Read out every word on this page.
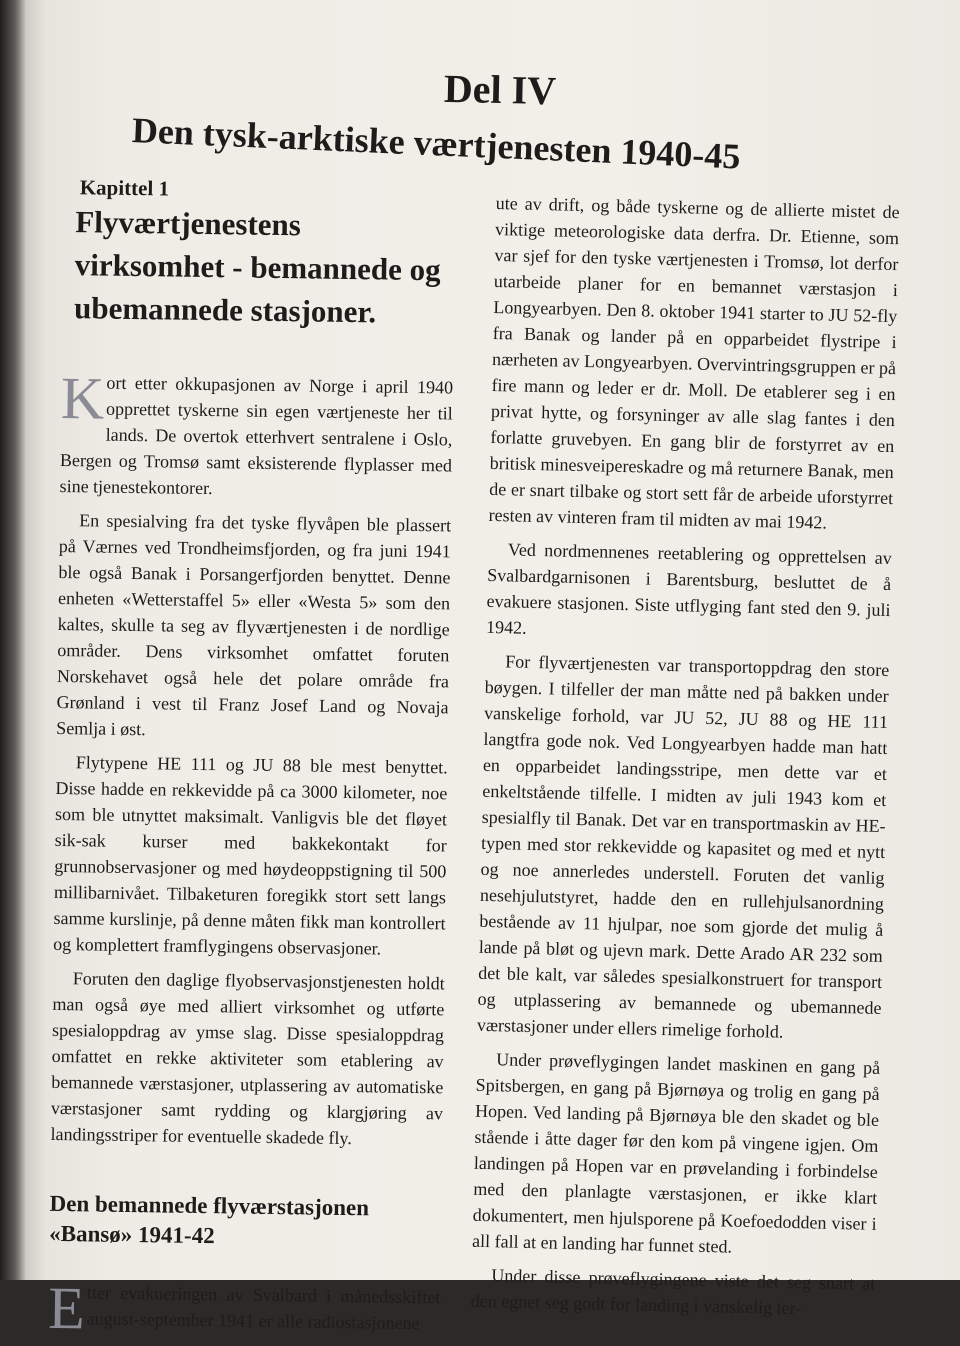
Del IV
Den tysk-arktiske værtjenesten 1940-45
Kapittel 1
Flyværtjenestens virksomhet - bemannede og ubemannede stasjoner.

Kort etter okkupasjonen av Norge i april 1940 opprettet tyskerne sin egen værtjeneste her til lands. De overtok etterhvert sentralene i Oslo, Bergen og Tromsø samt eksisterende flyplasser med sine tjenestekontorer.

En spesialving fra det tyske flyvåpen ble plassert på Værnes ved Trondheimsfjorden, og fra juni 1941 ble også Banak i Porsangerfjorden benyttet. Denne enheten «Wetterstaffel 5» eller «Westa 5» som den kaltes, skulle ta seg av flyværtjenesten i de nordlige områder. Dens virksomhet omfattet foruten Norskehavet også hele det polare område fra Grønland i vest til Franz Josef Land og Novaja Semlja i øst.

Flytypene HE 111 og JU 88 ble mest benyttet. Disse hadde en rekkevidde på ca 3000 kilometer, noe som ble utnyttet maksimalt. Vanligvis ble det fløyet sik-sak kurser med bakkekontakt for grunnobservasjoner og med høydeoppstigning til 500 millibarnivået. Tilbaketuren foregikk stort sett langs samme kurslinje, på denne måten fikk man kontrollert og komplettert framflygingens observasjoner.

Foruten den daglige flyobservasjonstjenesten holdt man også øye med alliert virksomhet og utførte spesialoppdrag av ymse slag. Disse spesialoppdrag omfattet en rekke aktiviteter som etablering av bemannede værstasjoner, utplassering av automatiske værstasjoner samt rydding og klargjøring av landingsstriper for eventuelle skadede fly.

Den bemannede flyværstasjonen «Bansø» 1941-42

Etter evakueringen av Svalbard i månedsskiftet august-september 1941 er alle radiostasjonene

ute av drift, og både tyskerne og de allierte mistet de viktige meteorologiske data derfra. Dr. Etienne, som var sjef for den tyske værtjenesten i Tromsø, lot derfor utarbeide planer for en bemannet værstasjon i Longyearbyen. Den 8. oktober 1941 starter to JU 52-fly fra Banak og lander på en opparbeidet flystripe i nærheten av Longyearbyen. Overvintringsgruppen er på fire mann og leder er dr. Moll. De etablerer seg i en privat hytte, og forsyninger av alle slag fantes i den forlatte gruvebyen. En gang blir de forstyrret av en britisk minesveipereskadre og må returnere Banak, men de er snart tilbake og stort sett får de arbeide uforstyrret resten av vinteren fram til midten av mai 1942.

Ved nordmennenes reetablering og opprettelsen av Svalbardgarnisonen i Barentsburg, besluttet de å evakuere stasjonen. Siste utflyging fant sted den 9. juli 1942.

For flyværtjenesten var transportoppdrag den store bøygen. I tilfeller der man måtte ned på bakken under vanskelige forhold, var JU 52, JU 88 og HE 111 langtfra gode nok. Ved Longyearbyen hadde man hatt en opparbeidet landingsstripe, men dette var et enkeltstående tilfelle. I midten av juli 1943 kom et spesialfly til Banak. Det var en transportmaskin av HE-typen med stor rekkevidde og kapasitet og med et nytt og noe annerledes understell. Foruten det vanlig nesehjulutstyret, hadde den en rullehjulsanordning bestående av 11 hjulpar, noe som gjorde det mulig å lande på bløt og ujevn mark. Dette Arado AR 232 som det ble kalt, var således spesialkonstruert for transport og utplassering av bemannede og ubemannede værstasjoner under ellers rimelige forhold.

Under prøveflygingen landet maskinen en gang på Spitsbergen, en gang på Bjørnøya og trolig en gang på Hopen. Ved landing på Bjørnøya ble den skadet og ble stående i åtte dager før den kom på vingene igjen. Om landingen på Hopen var en prøvelanding i forbindelse med den planlagte værstasjonen, er ikke klart dokumentert, men hjulsporene på Koefoedodden viser i all fall at en landing har funnet sted.

Under disse prøveflygingene viste det seg snart at den egnet seg godt for landing i vanskelig ter-
